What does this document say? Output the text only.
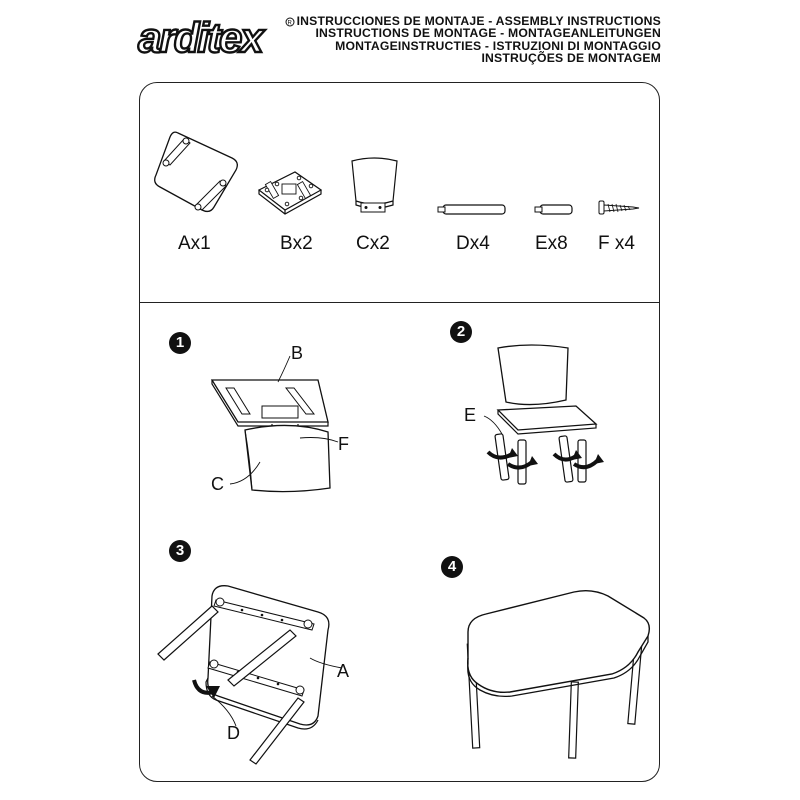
arditex	R INSTRUCCIONES DE MONTAJE - ASSEMBLY INSTRUCTIONS
INSTRUCTIONS DE MONTAGE - MONTAGEANLEITUNGEN
MONTAGEINSTRUCTIES - ISTRUZIONI DI MONTAGGIO
INSTRUÇÕES DE MONTAGEM
Ax1	Bx2 Cx2	Dx4 Ex8 F x4
1
B
F
C
2
E
3
A
D
4
